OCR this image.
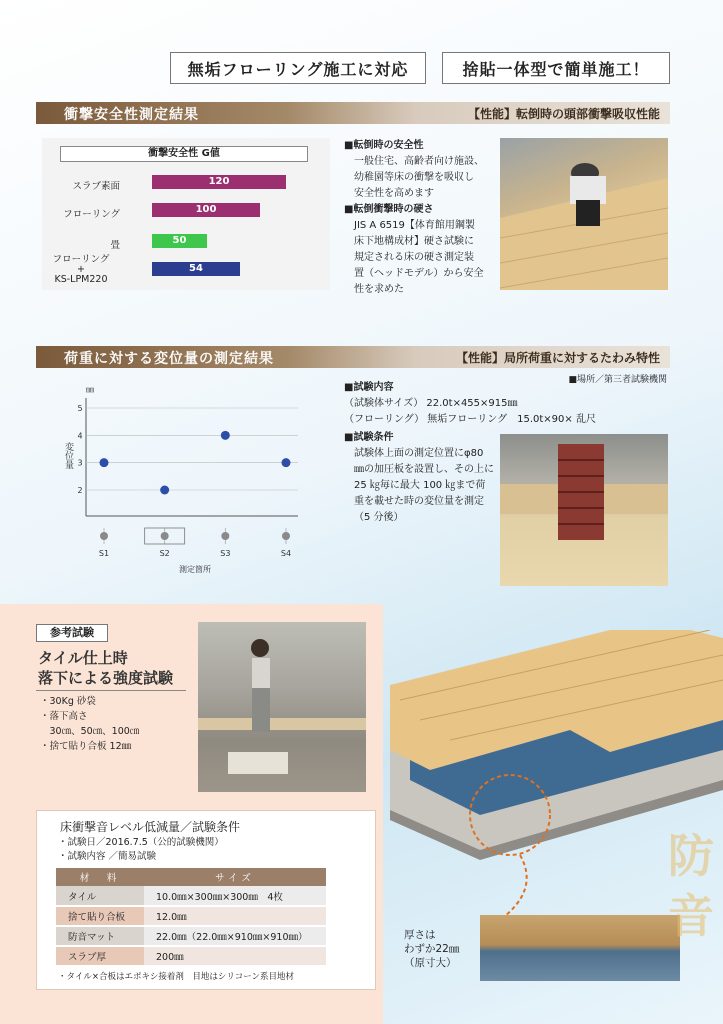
無垢フローリング施工に対応	捨貼一体型で簡単施工！
衝撃安全性測定結果	【性能】転倒時の頭部衝撃吸収性能
衝撃安全性 G値
スラブ素面	120
フローリング	100
畳	50
フローリング
+
KS-LPM220
54
■転倒時の安全性
一般住宅、高齢者向け施設、
幼稚園等床の衝撃を吸収し
安全性を高めます
■転倒衝撃時の硬さ
JIS A 6519【体育館用鋼製
床下地構成材】硬さ試験に
規定される床の硬さ測定装
置（ヘッドモデル）から安全
性を求めた
荷重に対する変位量の測定結果	【性能】局所荷重に対するたわみ特性
㎜
5
4
3
2
変位量
S1	S2	S3	S4
測定箇所
■場所／第三者試験機関
■試験内容
（試験体サイズ） 22.0t×455×915㎜
（フローリング） 無垢フローリング　15.0t×90× 乱尺
■試験条件
試験体上面の測定位置にφ80
㎜の加圧板を設置し、その上に
25 ㎏毎に最大 100 ㎏まで荷
重を載せた時の変位量を測定
（5 分後）
参考試験
タイル仕上時
落下による強度試験
・30Kg 砂袋
・落下高さ
　30㎝、50㎝、100㎝
・捨て貼り合板 12㎜
床衝撃音レベル低減量／試験条件
・試験日／2016.7.5（公的試験機関）
・試験内容 ／簡易試験
材　料	サイズ
タイル	10.0㎜×300㎜×300㎜　4枚
捨て貼り合板	12.0㎜
防音マット	22.0㎜（22.0㎜×910㎜×910㎜）
スラブ厚	200㎜
・タイル×合板はエポキシ接着剤　目地はシリコーン系目地材
厚さは
わずか22㎜
（原寸大）
防
音
